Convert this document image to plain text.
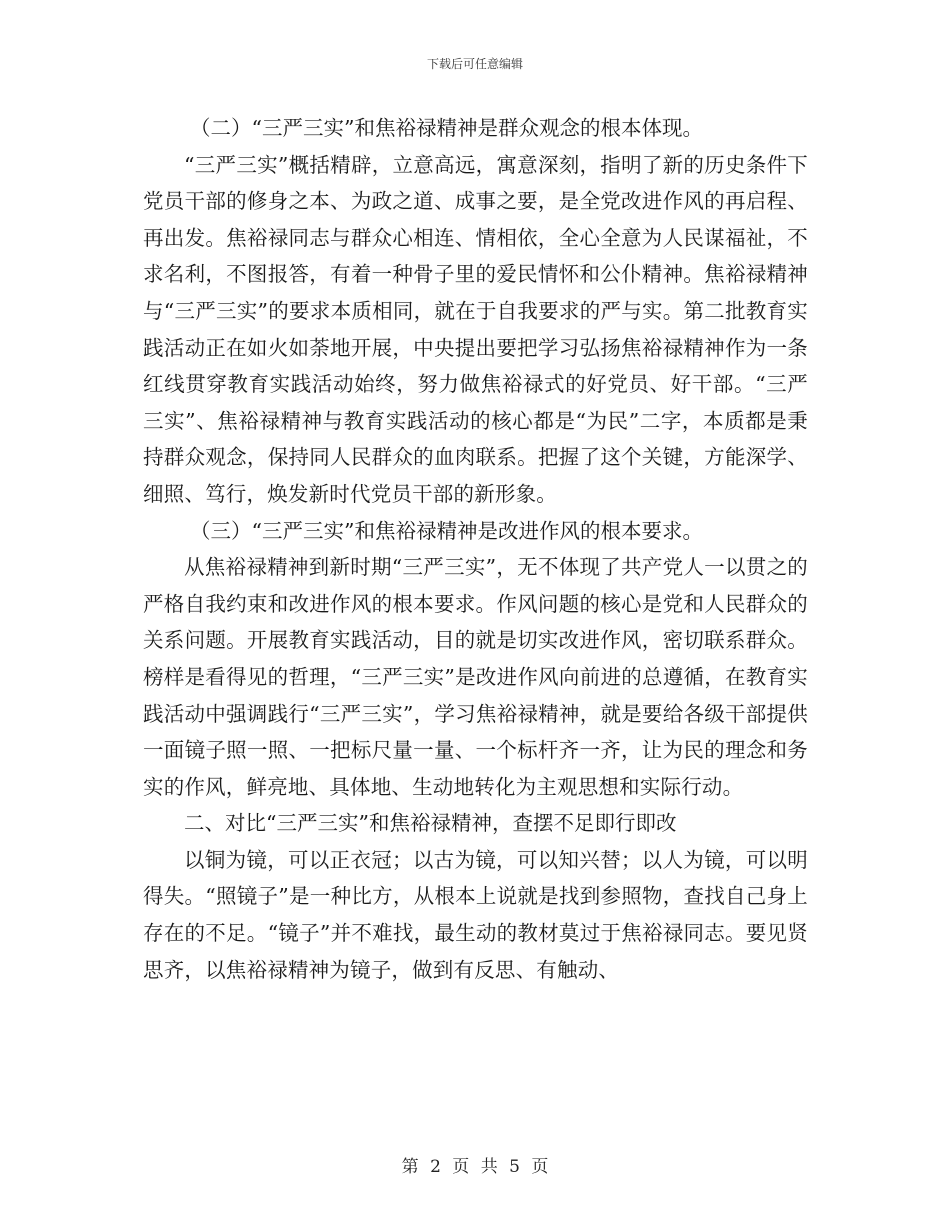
下载后可任意编辑

（二）“三严三实”和焦裕禄精神是群众观念的根本体现。

“三严三实”概括精辟，立意高远，寓意深刻，指明了新的历史条件下党员干部的修身之本、为政之道、成事之要，是全党改进作风的再启程、再出发。焦裕禄同志与群众心相连、情相依，全心全意为人民谋福祉，不求名利，不图报答，有着一种骨子里的爱民情怀和公仆精神。焦裕禄精神与“三严三实”的要求本质相同，就在于自我要求的严与实。第二批教育实践活动正在如火如荼地开展，中央提出要把学习弘扬焦裕禄精神作为一条红线贯穿教育实践活动始终，努力做焦裕禄式的好党员、好干部。“三严三实”、焦裕禄精神与教育实践活动的核心都是“为民”二字，本质都是秉持群众观念，保持同人民群众的血肉联系。把握了这个关键，方能深学、细照、笃行，焕发新时代党员干部的新形象。

（三）“三严三实”和焦裕禄精神是改进作风的根本要求。

从焦裕禄精神到新时期“三严三实”，无不体现了共产党人一以贯之的严格自我约束和改进作风的根本要求。作风问题的核心是党和人民群众的关系问题。开展教育实践活动，目的就是切实改进作风，密切联系群众。榜样是看得见的哲理，“三严三实”是改进作风向前进的总遵循，在教育实践活动中强调践行“三严三实”，学习焦裕禄精神，就是要给各级干部提供一面镜子照一照、一把标尺量一量、一个标杆齐一齐，让为民的理念和务实的作风，鲜亮地、具体地、生动地转化为主观思想和实际行动。

二、对比“三严三实”和焦裕禄精神，查摆不足即行即改

以铜为镜，可以正衣冠；以古为镜，可以知兴替；以人为镜，可以明得失。“照镜子”是一种比方，从根本上说就是找到参照物，查找自己身上存在的不足。“镜子”并不难找，最生动的教材莫过于焦裕禄同志。要见贤思齐，以焦裕禄精神为镜子，做到有反思、有触动、

第 2 页 共 5 页
